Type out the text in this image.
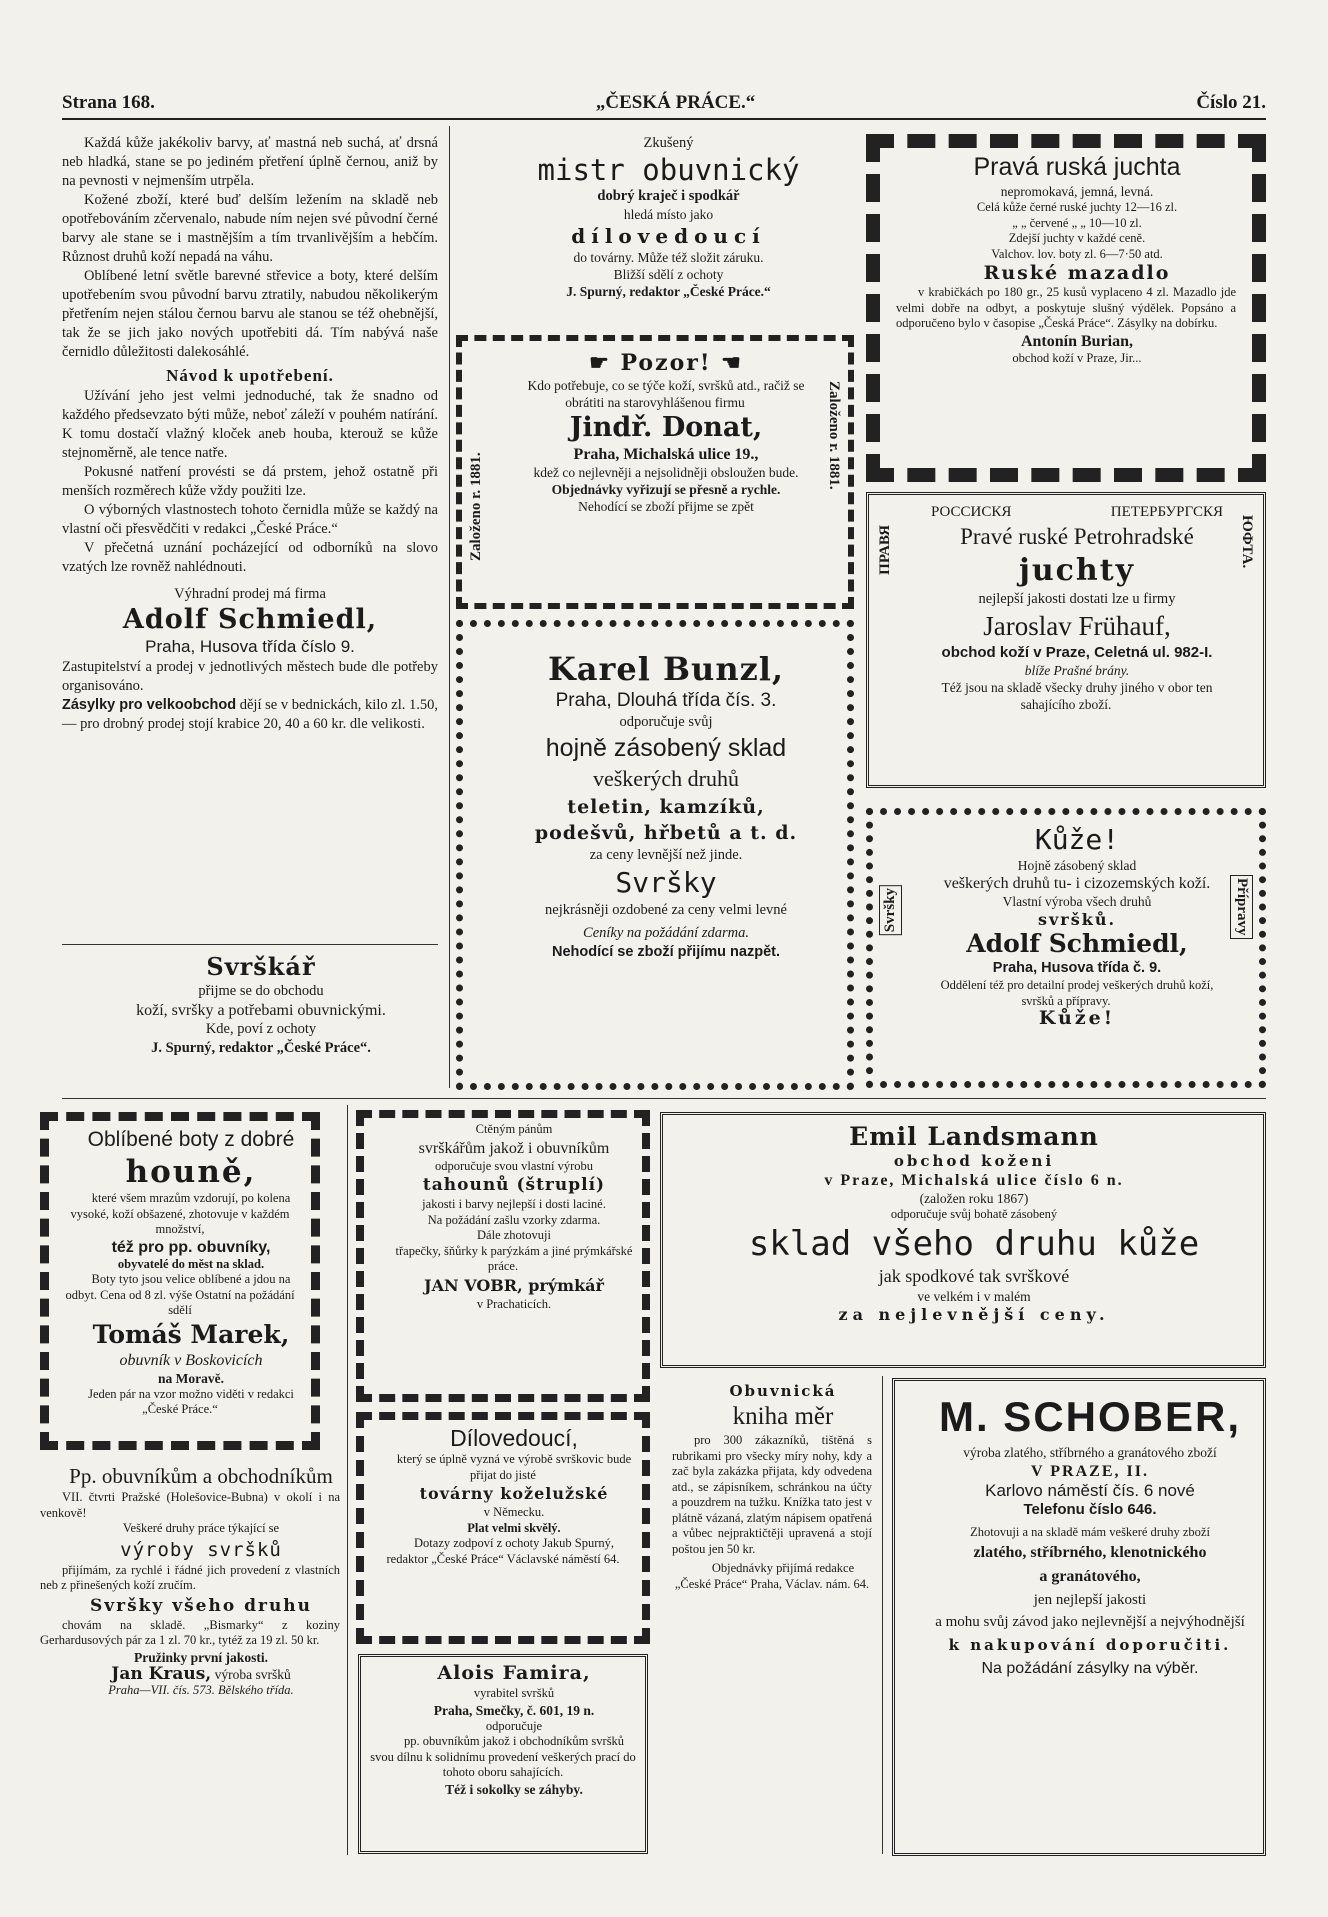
Strana 168.	„ČESKÁ PRÁCE.“	Číslo 21.

Každá kůže jakékoliv barvy, ať mastná neb suchá, ať drsná neb hladká, stane se po jediném přetření úplně černou, aniž by na pevnosti v nejmenším utrpěla.

Kožené zboží, které buď delším ležením na skladě neb opotřebováním zčervenalo, nabude ním nejen své původní černé barvy ale stane se i mastnějším a tím trvanlivějším a hebčím. Různost druhů koží nepadá na váhu.

Oblíbené letní světle barevné střevice a boty, které delším upotřebením svou původní barvu ztratily, nabudou několikerým přetřením nejen stálou černou barvu ale stanou se též ohebnější, tak že se jich jako nových upotřebiti dá. Tím nabývá naše černidlo důležitosti dalekosáhlé.

Návod k upotřebení.

Užívání jeho jest velmi jednoduché, tak že snadno od každého předsevzato býti může, neboť záleží v pouhém natírání. K tomu dostačí vlažný kloček aneb houba, kterouž se kůže stejnoměrně, ale tence natře.

Pokusné natření provésti se dá prstem, jehož ostatně při menších rozměrech kůže vždy použiti lze.

O výborných vlastnostech tohoto černidla může se každý na vlastní oči přesvědčiti v redakci „České Práce.“

V přečetná uznání pocházející od odborníků na slovo vzatých lze rovněž nahlédnouti.

Výhradní prodej má firma

Adolf Schmiedl,

Praha, Husova třída číslo 9.

Zastupitelství a prodej v jednotlivých městech bude dle potřeby organisováno.

Zásylky pro velkoobchod dějí se v bednickách, kilo zl. 1.50, — pro drobný prodej stojí krabice 20, 40 a 60 kr. dle velikosti.

Svrškář

přijme se do obchodu

koží, svršky a potřebami obuvnickými.

Kde, poví z ochoty

J. Spurný, redaktor „České Práce“.

Zkušený

mistr obuvnický

dobrý kraječ i spodkář

hledá místo jako

dílovedoucí

do továrny. Může též složit záruku.

Bližší sdělí z ochoty

J. Spurný, redaktor „České Práce.“

Založeno r. 1881.
Založeno r. 1881.

☛ Pozor! ☚

Kdo potřebuje, co se týče koží, svršků atd., račiž se obrátiti na starovyhlášenou firmu

Jindř. Donat,

Praha, Michalská ulice 19.,

kdež co nejlevněji a nejsolidněji obsloužen bude.

Objednávky vyřizují se přesně a rychle.

Nehodící se zboží přijme se zpět

Karel Bunzl,

Praha, Dlouhá třída čís. 3.

odporučuje svůj

hojně zásobený sklad

veškerých druhů

teletin, kamzíků,

podešvů, hřbetů a t. d.

za ceny levnější než jinde.

Svršky

nejkrásněji ozdobené za ceny velmi levné

Ceníky na požádání zdarma.

Nehodící se zboží přijímu nazpět.

Pravá ruská juchta

nepromokavá, jemná, levná.

Celá kůže černé ruské juchty 12—16 zl.

„ „ červené „ „ 10—10 zl.

Zdejší juchty v každé ceně.

Valchov. lov. boty zl. 6—7·50 atd.

Ruské mazadlo

v krabičkách po 180 gr., 25 kusů vyplaceno 4 zl. Mazadlo jde velmi dobře na odbyt, a poskytuje slušný výdělek. Popsáno a odporučeno bylo v časopise „Česká Práce“. Zásylky na dobírku.

Antonín Burian,

obchod koží v Praze, Jir...

ПРАВЯ	ЮФТА.

РОССИСКЯ	ПЕТЕРБУРГСКЯ

Pravé ruské Petrohradské

juchty

nejlepší jakosti dostati lze u firmy

Jaroslav Frühauf,

obchod koží v Praze, Celetná ul. 982-I.

blíže Prašné brány.

Též jsou na skladě všecky druhy jiného v obor ten sahajícího zboží.

Svršky	Přípravy

Kůže!

Hojně zásobený sklad

veškerých druhů tu- i cizozemských koží.

Vlastní výroba všech druhů

svršků.

Adolf Schmiedl,

Praha, Husova třída č. 9.

Oddělení též pro detailní prodej veškerých druhů koží, svršků a přípravy.

Kůže!

Oblíbené boty z dobré

houně,

které všem mrazům vzdorují, po kolena vysoké, koží obšazené, zhotovuje v každém množství,

též pro pp. obuvníky,

obyvatelé do měst na sklad.

Boty tyto jsou velice oblíbené a jdou na odbyt. Cena od 8 zl. výše Ostatní na požádání sdělí

Tomáš Marek,

obuvník v Boskovicích

na Moravě.

Jeden pár na vzor možno viděti v redakci „České Práce.“

Pp. obuvníkům a obchodníkům

VII. čtvrti Pražské (Holešovice-Bubna) v okolí i na venkově!

Veškeré druhy práce týkající se

výroby svršků

přijímám, za rychlé i řádné jich provedení z vlastních neb z přinešených koží zručím.

Svršky všeho druhu

chovám na skladě. „Bismarky“ z koziny Gerhardusových pár za 1 zl. 70 kr., tytéž za 19 zl. 50 kr.

Pružinky první jakosti.

Jan Kraus, výroba svršků

Praha—VII. čís. 573. Bělského třída.

Ctěným pánům

svrškářům jakož i obuvníkům

odporučuje svou vlastní výrobu

tahounů (štruplí)

jakosti i barvy nejlepší i dosti laciné.

Na požádání zašlu vzorky zdarma.

Dále zhotovuji

třapečky, šňůrky k parýzkám a jiné prýmkářské práce.

JAN VOBR, prýmkář

v Prachaticích.

Dílovedoucí,

který se úplně vyzná ve výrobě svrškovic bude přijat do jisté

továrny koželužské

v Německu.

Plat velmi skvělý.

Dotazy zodpoví z ochoty Jakub Spurný, redaktor „České Práce“ Václavské náměstí 64.

Alois Famira,

vyrabitel svršků

Praha, Smečky, č. 601, 19 n.

odporučuje

pp. obuvníkům jakož i obchodníkům svršků svou dílnu k solidnímu provedení veškerých prací do tohoto oboru sahajících.

Též i sokolky se záhyby.

Emil Landsmann

obchod koženi

v Praze, Michalská ulice číslo 6 n.

(založen roku 1867)

odporučuje svůj bohatě zásobený

sklad všeho druhu kůže

jak spodkové tak svrškové

ve velkém i v malém

za nejlevnější ceny.

Obuvnická

kniha měr

pro 300 zákazníků, tištěná s rubrikami pro všecky míry nohy, kdy a zač byla zakázka přijata, kdy odvedena atd., se zápisníkem, schránkou na účty a pouzdrem na tužku. Knížka tato jest v plátně vázaná, zlatým nápisem opatřená a vůbec nejpraktičtěji upravená a stojí poštou jen 50 kr.

Objednávky přijímá redakce „České Práce“ Praha, Václav. nám. 64.

M. SCHOBER,

výroba zlatého, stříbrného a granátového zboží

V PRAZE, II.

Karlovo náměstí čís. 6 nové

Telefonu číslo 646.

Zhotovuji a na skladě mám veškeré druhy zboží

zlatého, stříbrného, klenotnického

a granátového,

jen nejlepší jakosti

a mohu svůj závod jako nejlevnější a nejvýhodnější

k nakupování doporučiti.

Na požádání zásylky na výběr.
